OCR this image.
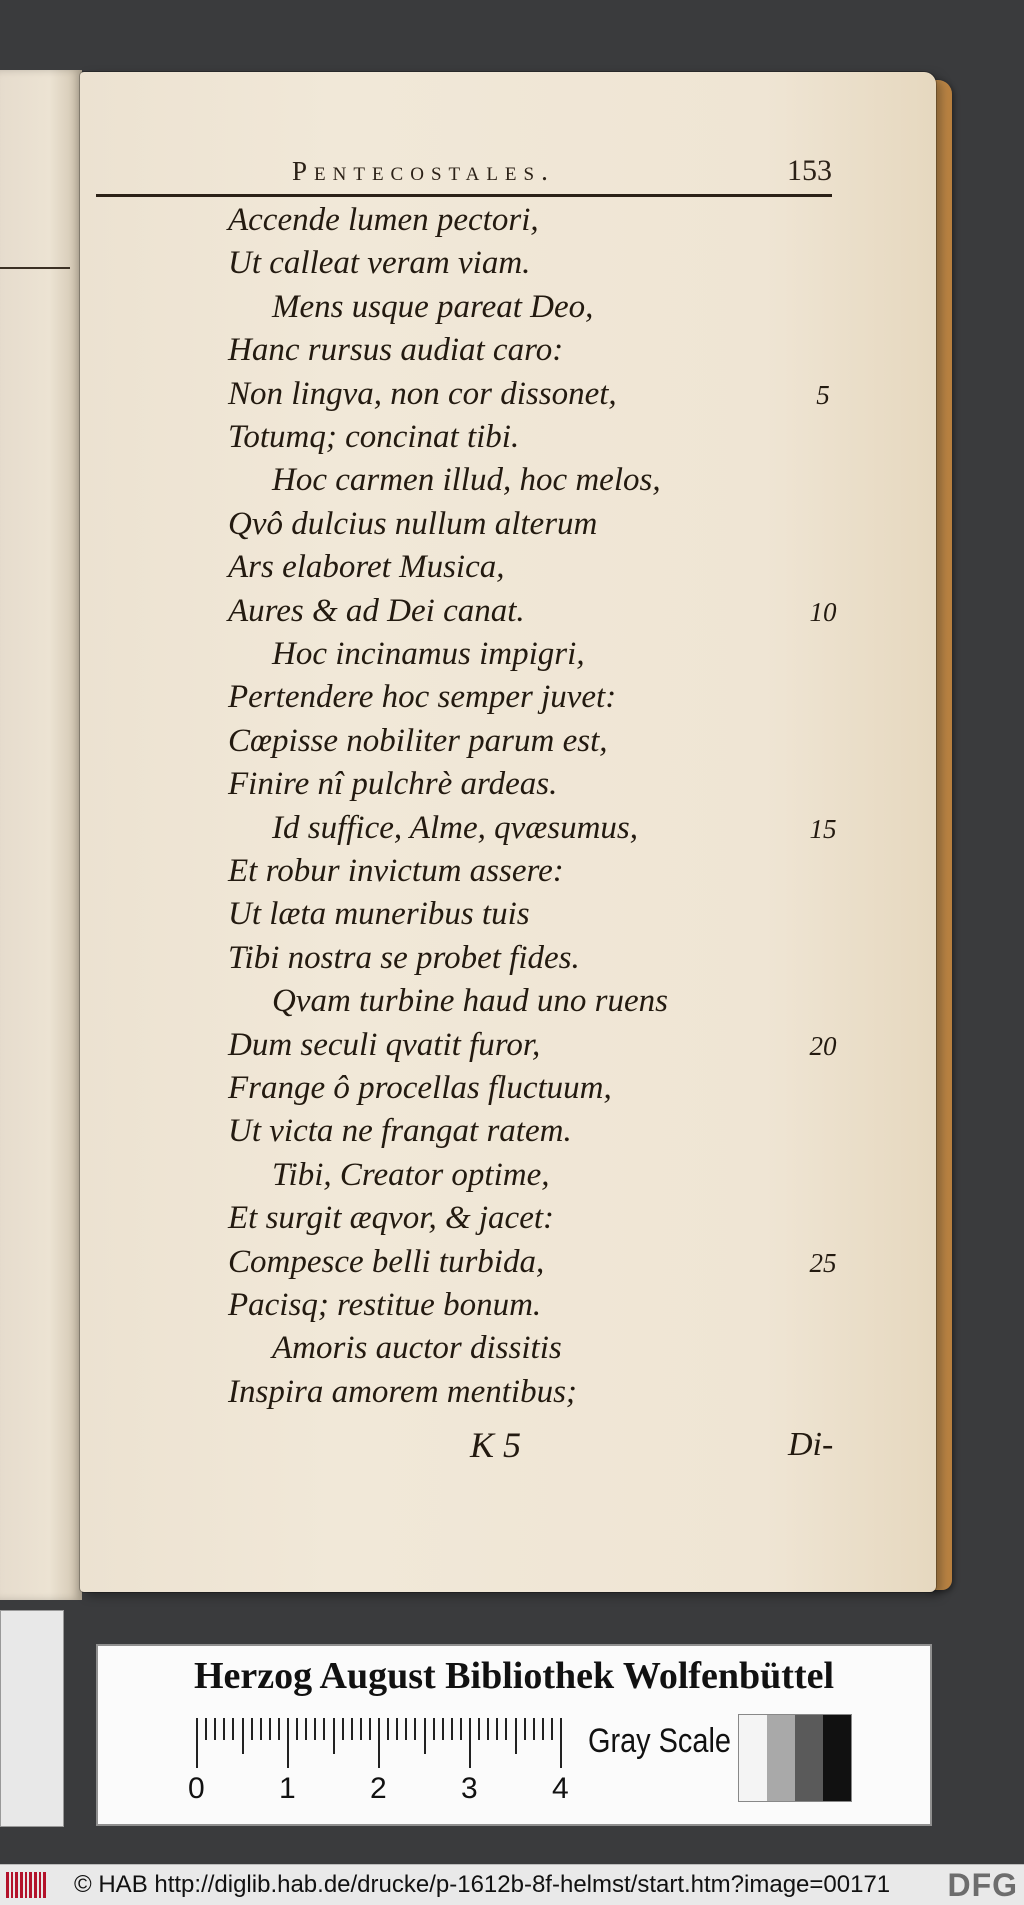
Pentecostales.	153
Accende lumen pectori,
Ut calleat veram viam.
Mens usque pareat Deo,
Hanc rursus audiat caro:
Non lingva, non cor dissonet,
Totumq; concinat tibi.
Hoc carmen illud, hoc melos,
Qvô dulcius nullum alterum
Ars elaboret Musica,
Aures & ad Dei canat.
Hoc incinamus impigri,
Pertendere hoc semper juvet:
Cœpisse nobiliter parum est,
Finire nî pulchrè ardeas.
Id suffice, Alme, qvæsumus,
Et robur invictum assere:
Ut læta muneribus tuis
Tibi nostra se probet fides.
Qvam turbine haud uno ruens
Dum seculi qvatit furor,
Frange ô procellas fluctuum,
Ut victa ne frangat ratem.
Tibi, Creator optime,
Et surgit æqvor, & jacet:
Compesce belli turbida,
Pacisq; restitue bonum.
Amoris auctor dissitis
Inspira amorem mentibus;
5
10
15
20
25
K 5	Di-
Herzog August Bibliothek Wolfenbüttel
0 1 2 3 4
Gray Scale
© HAB http://diglib.hab.de/drucke/p-1612b-8f-helmst/start.htm?image=00171 DFG
